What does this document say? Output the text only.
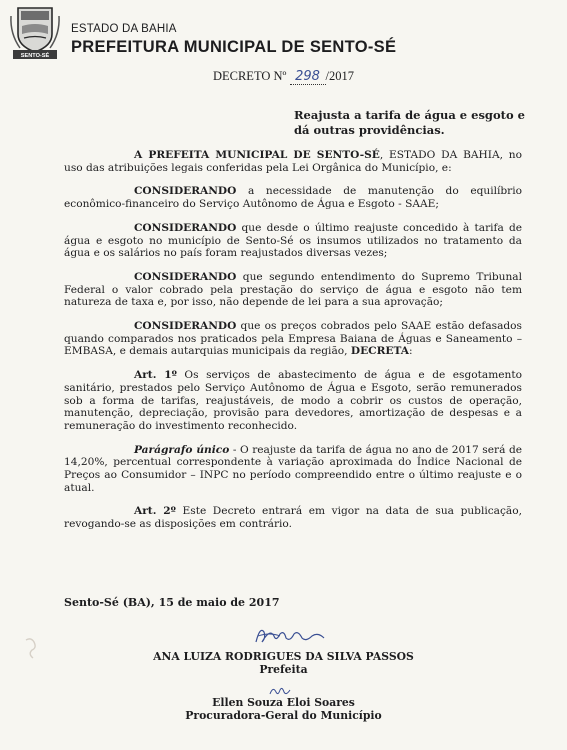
SENTO-SÉ
ESTADO DA BAHIA
PREFEITURA MUNICIPAL DE SENTO-SÉ
DECRETO Nº 298 /2017
Reajusta a tarifa de água e esgoto e dá outras providências.

A PREFEITA MUNICIPAL DE SENTO-SÉ, ESTADO DA BAHIA, no uso das atribuições legais conferidas pela Lei Orgânica do Município, e:

CONSIDERANDO a necessidade de manutenção do equilíbrio econômico-financeiro do Serviço Autônomo de Água e Esgoto - SAAE;

CONSIDERANDO que desde o último reajuste concedido à tarifa de água e esgoto no município de Sento-Sé os insumos utilizados no tratamento da água e os salários no país foram reajustados diversas vezes;

CONSIDERANDO que segundo entendimento do Supremo Tribunal Federal o valor cobrado pela prestação do serviço de água e esgoto não tem natureza de taxa e, por isso, não depende de lei para a sua aprovação;

CONSIDERANDO que os preços cobrados pelo SAAE estão defasados quando comparados nos praticados pela Empresa Baiana de Águas e Saneamento – EMBASA, e demais autarquias municipais da região, DECRETA:

Art. 1º Os serviços de abastecimento de água e de esgotamento sanitário, prestados pelo Serviço Autônomo de Água e Esgoto, serão remunerados sob a forma de tarifas, reajustáveis, de modo a cobrir os custos de operação, manutenção, depreciação, provisão para devedores, amortização de despesas e a remuneração do investimento reconhecido.

Parágrafo único - O reajuste da tarifa de água no ano de 2017 será de 14,20%, percentual correspondente à variação aproximada do Índice Nacional de Preços ao Consumidor – INPC no período compreendido entre o último reajuste e o atual.

Art. 2º Este Decreto entrará em vigor na data de sua publicação, revogando-se as disposições em contrário.

Sento-Sé (BA), 15 de maio de 2017
ANA LUIZA RODRIGUES DA SILVA PASSOS
Prefeita
Ellen Souza Eloi Soares
Procuradora-Geral do Município
